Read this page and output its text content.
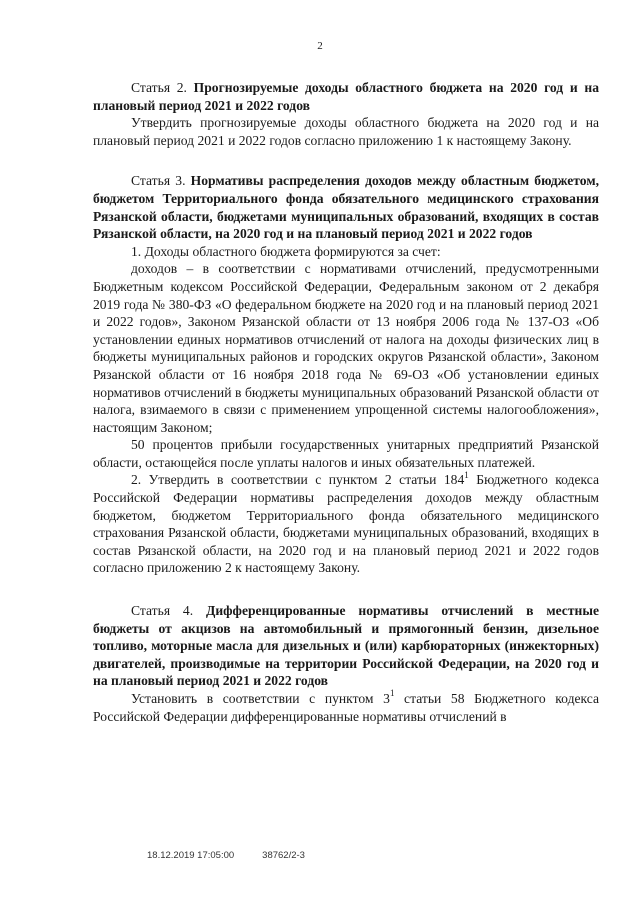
2

Статья 2. Прогнозируемые доходы областного бюджета на 2020 год и на плановый период 2021 и 2022 годов

Утвердить прогнозируемые доходы областного бюджета на 2020 год и на плановый период 2021 и 2022 годов согласно приложению 1 к настоящему Закону.

Статья 3. Нормативы распределения доходов между областным бюджетом, бюджетом Территориального фонда обязательного медицинского страхования Рязанской области, бюджетами муниципальных образований, входящих в состав Рязанской области, на 2020 год и на плановый период 2021 и 2022 годов

1. Доходы областного бюджета формируются за счет:

доходов – в соответствии с нормативами отчислений, предусмотренными Бюджетным кодексом Российской Федерации, Федеральным законом от 2 декабря 2019 года № 380-ФЗ «О федеральном бюджете на 2020 год и на плановый период 2021 и 2022 годов», Законом Рязанской области от 13 ноября 2006 года № 137-ОЗ «Об установлении единых нормативов отчислений от налога на доходы физических лиц в бюджеты муниципальных районов и городских округов Рязанской области», Законом Рязанской области от 16 ноября 2018 года № 69-ОЗ «Об установлении единых нормативов отчислений в бюджеты муниципальных образований Рязанской области от налога, взимаемого в связи с применением упрощенной системы налогообложения», настоящим Законом;

50 процентов прибыли государственных унитарных предприятий Рязанской области, остающейся после уплаты налогов и иных обязательных платежей.

2. Утвердить в соответствии с пунктом 2 статьи $184^1$ Бюджетного кодекса Российской Федерации нормативы распределения доходов между областным бюджетом, бюджетом Территориального фонда обязательного медицинского страхования Рязанской области, бюджетами муниципальных образований, входящих в состав Рязанской области, на 2020 год и на плановый период 2021 и 2022 годов согласно приложению 2 к настоящему Закону.

Статья 4. Дифференцированные нормативы отчислений в местные бюджеты от акцизов на автомобильный и прямогонный бензин, дизельное топливо, моторные масла для дизельных и (или) карбюраторных (инжекторных) двигателей, производимые на территории Российской Федерации, на 2020 год и на плановый период 2021 и 2022 годов

Установить в соответствии с пунктом $3^1$ статьи 58 Бюджетного кодекса Российской Федерации дифференцированные нормативы отчислений в

18.12.2019 17:05:00	38762/2-3
